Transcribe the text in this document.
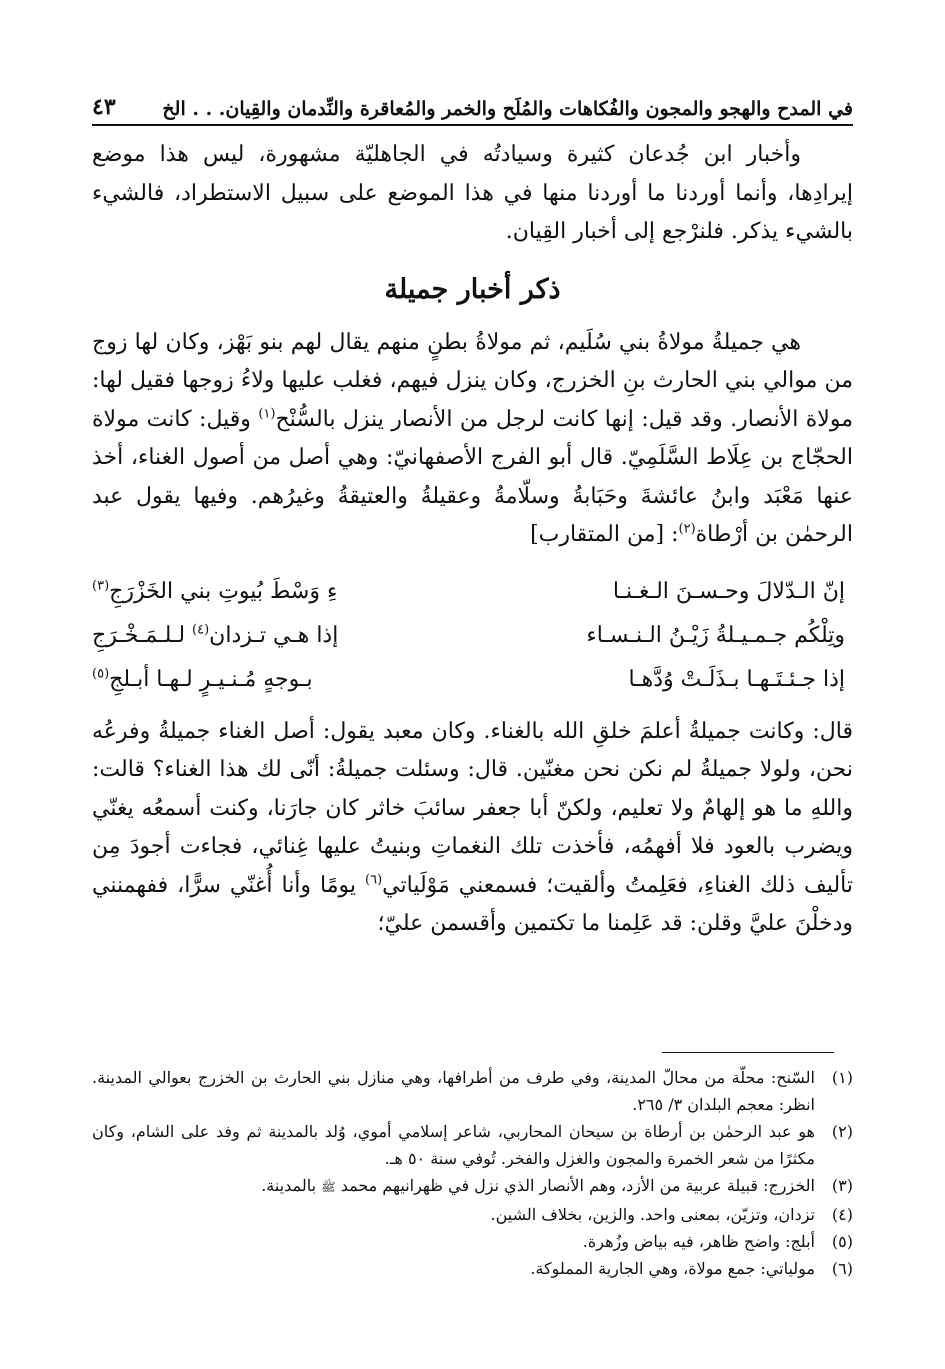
٤٣ في المدح والهجو والمجون والفُكاهات والمُلَح والخمر والمُعاقرة والنِّدمان والقِيان. . . الخ

وأخبار ابن جُدعان كثيرة وسيادتُه في الجاهليّة مشهورة، ليس هذا موضع إيرادِها، وأنما أوردنا ما أوردنا منها في هذا الموضع على سبيل الاستطراد، فالشيء بالشيء يذكر. فلنرْجع إلى أخبار القِيان.

ذكر أخبار جميلة

هي جميلةُ مولاةُ بني سُلَيم، ثم مولاةُ بطنٍ منهم يقال لهم بنو بَهْز، وكان لها زوج من موالي بني الحارث بنِ الخزرج، وكان ينزل فيهم، فغلب عليها ولاءُ زوجها فقيل لها: مولاة الأنصار. وقد قيل: إنها كانت لرجل من الأنصار ينزل بالسُّنْح$^{(١)}$ وقيل: كانت مولاة الحجّاج بن عِلَاط السَّلَمِيّ. قال أبو الفرج الأصفهانيّ: وهي أصل من أصول الغناء، أخذ عنها مَعْبَد وابنُ عائشةَ وحَبَابةُ وسلّامةُ وعقيلةُ والعتيقةُ وغيرُهم. وفيها يقول عبد الرحمٰن بن أرْطاة$^{(٢)}$: [من المتقارب]

إنّ الـدّلالَ وحـسـنَ الـغـنـا
ءِ وَسْطَ بُيوتِ بني الخَزْرَجِ$^{(٣)}$
وتِلْكُم جـمـيـلةُ زَيْـنُ الـنـسـاء
إذا هـي تـزدان$^{(٤)}$ لـلـمَـخْـرَجِ
إذا جـئـتَـهـا بـذَلَـتْ وُدَّهـا
بـوجهٍ مُـنـيـرٍ لـهـا أبـلجِ$^{(٥)}$

قال: وكانت جميلةُ أعلمَ خلقِ الله بالغناء. وكان معبد يقول: أصل الغناء جميلةُ وفرعُه نحن، ولولا جميلةُ لم نكن نحن مغنّين. قال: وسئلت جميلةُ: أنّى لك هذا الغناء؟ قالت: واللهِ ما هو إلهامٌ ولا تعليم، ولكنّ أبا جعفر سائبَ خاثر كان جارَنا، وكنت أسمعُه يغنّي ويضرب بالعود فلا أفهمُه، فأخذت تلك النغماتِ وبنيتُ عليها غِنائي، فجاءت أجودَ مِن تأليف ذلك الغناءِ، فعَلِمتُ وألقيت؛ فسمعني مَوْلَياتي$^{(٦)}$ يومًا وأنا أُغنّي سرًّا، ففهمنني ودخلْنَ عليَّ وقلن: قد عَلِمنا ما تكتمين وأقسمن عليّ؛

(١)
السّنح: محلّة من محالّ المدينة، وفي طرف من أطرافها، وهي منازل بني الحارث بن الخزرج بعوالي المدينة. انظر: معجم البلدان ٣/ ٢٦٥.
(٢)
هو عبد الرحمٰن بن أرطاة بن سيحان المحاربي، شاعر إسلامي أموي، وُلد بالمدينة ثم وفد على الشام، وكان مكثرًا من شعر الخمرة والمجون والغزل والفخر. تُوفي سنة ٥٠ هـ.
(٣)
الخزرج: قبيلة عربية من الأزد، وهم الأنصار الذي نزل في ظهرانيهم محمد ﷺ بالمدينة.
(٤)
تزدان، وتزيّن، بمعنى واحد. والزين، بخلاف الشين.
(٥)
أبلج: واضح ظاهر، فيه بياض وزُهرة.
(٦)
مولياتي: جمع مولاة، وهي الجارية المملوكة.
